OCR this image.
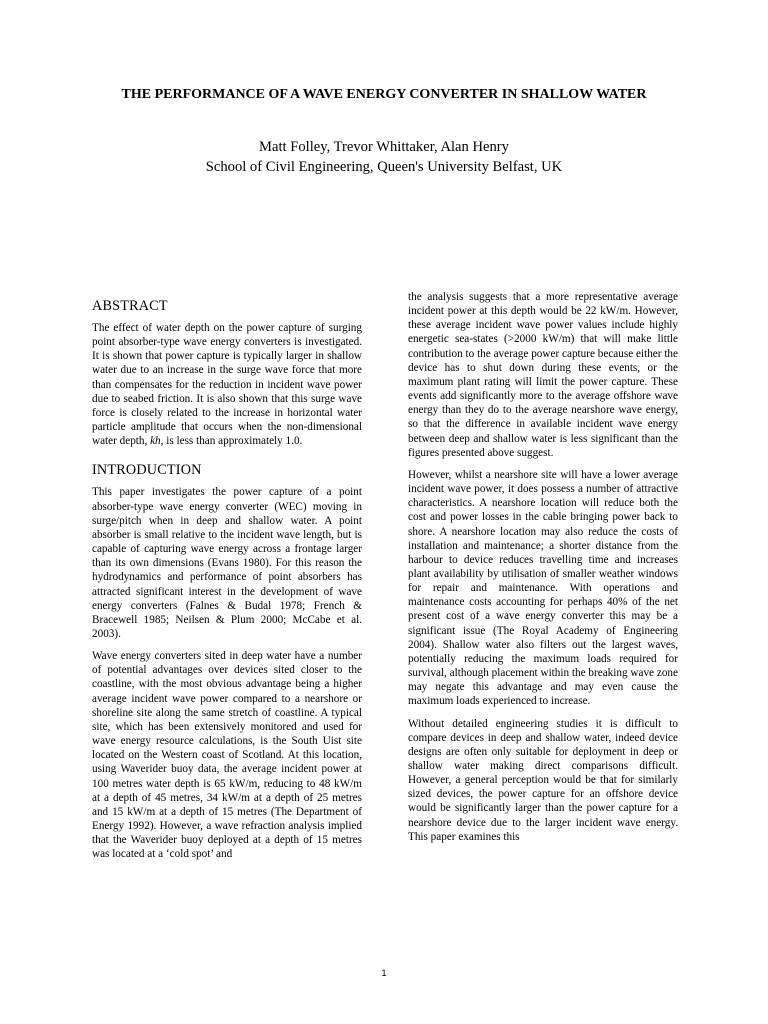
THE PERFORMANCE OF A WAVE ENERGY CONVERTER IN SHALLOW WATER
Matt Folley, Trevor Whittaker, Alan Henry
School of Civil Engineering, Queen's University Belfast, UK
ABSTRACT

The effect of water depth on the power capture of surging point absorber-type wave energy converters is investigated. It is shown that power capture is typically larger in shallow water due to an increase in the surge wave force that more than compensates for the reduction in incident wave power due to seabed friction. It is also shown that this surge wave force is closely related to the increase in horizontal water particle amplitude that occurs when the non-dimensional water depth, kh, is less than approximately 1.0.

INTRODUCTION

This paper investigates the power capture of a point absorber-type wave energy converter (WEC) moving in surge/pitch when in deep and shallow water. A point absorber is small relative to the incident wave length, but is capable of capturing wave energy across a frontage larger than its own dimensions (Evans 1980). For this reason the hydrodynamics and performance of point absorbers has attracted significant interest in the development of wave energy converters (Falnes & Budal 1978; French & Bracewell 1985; Neilsen & Plum 2000; McCabe et al. 2003).

Wave energy converters sited in deep water have a number of potential advantages over devices sited closer to the coastline, with the most obvious advantage being a higher average incident wave power compared to a nearshore or shoreline site along the same stretch of coastline. A typical site, which has been extensively monitored and used for wave energy resource calculations, is the South Uist site located on the Western coast of Scotland. At this location, using Waverider buoy data, the average incident power at 100 metres water depth is 65 kW/m, reducing to 48 kW/m at a depth of 45 metres, 34 kW/m at a depth of 25 metres and 15 kW/m at a depth of 15 metres (The Department of Energy 1992). However, a wave refraction analysis implied that the Waverider buoy deployed at a depth of 15 metres was located at a ‘cold spot’ and

the analysis suggests that a more representative average incident power at this depth would be 22 kW/m. However, these average incident wave power values include highly energetic sea-states (>2000 kW/m) that will make little contribution to the average power capture because either the device has to shut down during these events, or the maximum plant rating will limit the power capture. These events add significantly more to the average offshore wave energy than they do to the average nearshore wave energy, so that the difference in available incident wave energy between deep and shallow water is less significant than the figures presented above suggest.

However, whilst a nearshore site will have a lower average incident wave power, it does possess a number of attractive characteristics. A nearshore location will reduce both the cost and power losses in the cable bringing power back to shore. A nearshore location may also reduce the costs of installation and maintenance; a shorter distance from the harbour to device reduces travelling time and increases plant availability by utilisation of smaller weather windows for repair and maintenance. With operations and maintenance costs accounting for perhaps 40% of the net present cost of a wave energy converter this may be a significant issue (The Royal Academy of Engineering 2004). Shallow water also filters out the largest waves, potentially reducing the maximum loads required for survival, although placement within the breaking wave zone may negate this advantage and may even cause the maximum loads experienced to increase.

Without detailed engineering studies it is difficult to compare devices in deep and shallow water, indeed device designs are often only suitable for deployment in deep or shallow water making direct comparisons difficult. However, a general perception would be that for similarly sized devices, the power capture for an offshore device would be significantly larger than the power capture for a nearshore device due to the larger incident wave energy. This paper examines this

1
